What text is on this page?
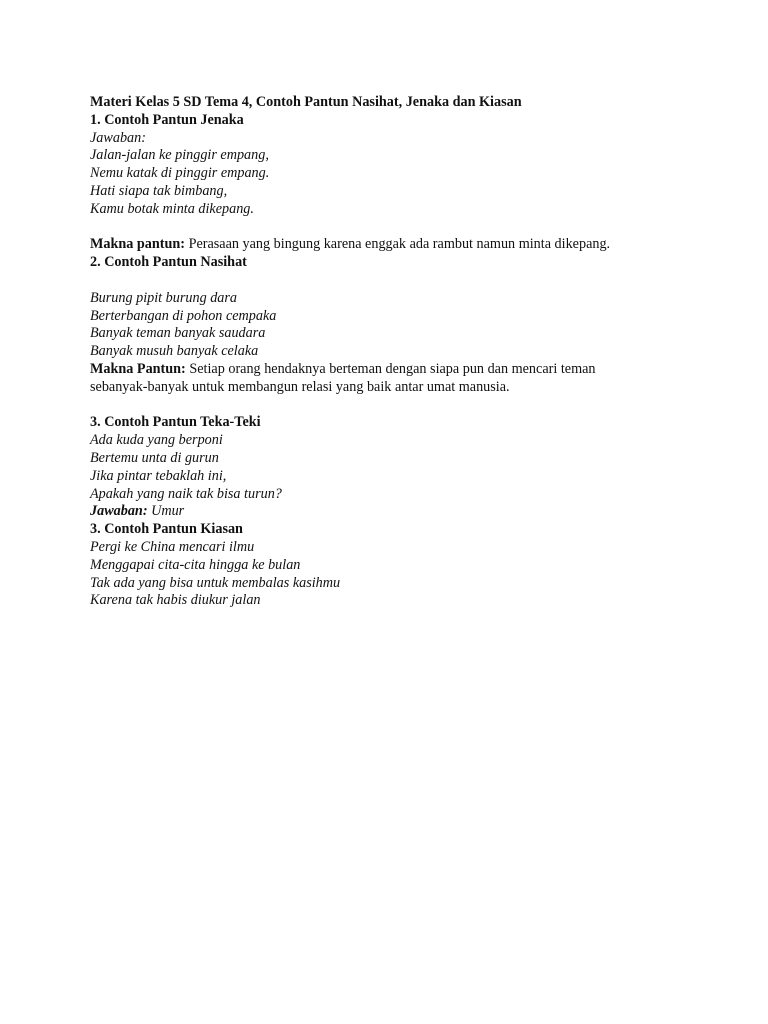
Materi Kelas 5 SD Tema 4, Contoh Pantun Nasihat, Jenaka dan Kiasan
1. Contoh Pantun Jenaka
Jawaban:
Jalan-jalan ke pinggir empang,
Nemu katak di pinggir empang.
Hati siapa tak bimbang,
Kamu botak minta dikepang.
Makna pantun: Perasaan yang bingung karena enggak ada rambut namun minta dikepang.
2. Contoh Pantun Nasihat
Burung pipit burung dara
Berterbangan di pohon cempaka
Banyak teman banyak saudara
Banyak musuh banyak celaka
Makna Pantun: Setiap orang hendaknya berteman dengan siapa pun dan mencari teman sebanyak-banyak untuk membangun relasi yang baik antar umat manusia.
3. Contoh Pantun Teka-Teki
Ada kuda yang berponi
Bertemu unta di gurun
Jika pintar tebaklah ini,
Apakah yang naik tak bisa turun?
Jawaban: Umur
3. Contoh Pantun Kiasan
Pergi ke China mencari ilmu
Menggapai cita-cita hingga ke bulan
Tak ada yang bisa untuk membalas kasihmu
Karena tak habis diukur jalan
